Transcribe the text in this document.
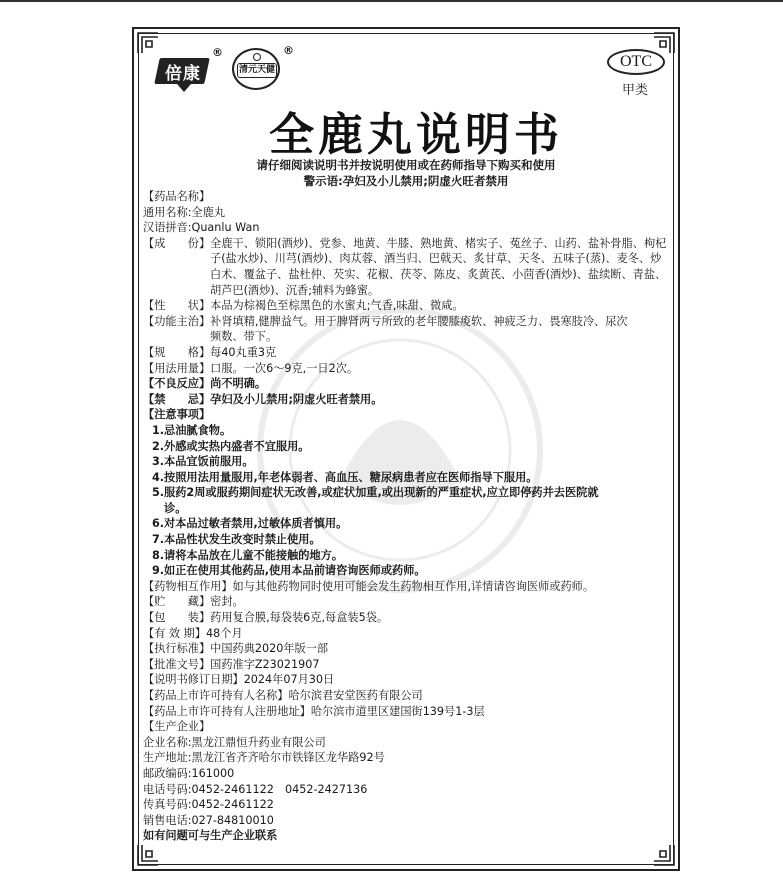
倍康
®
清元天健
®
OTC
甲类
全鹿丸说明书
请仔细阅读说明书并按说明使用或在药师指导下购买和使用
警示语:孕妇及小儿禁用;阴虚火旺者禁用
【药品名称】
通用名称:全鹿丸
汉语拼音:Quanlu Wan
【成　　份】全鹿干、锁阳(酒炒)、党参、地黄、牛膝、熟地黄、楮实子、菟丝子、山药、盐补骨脂、枸杞
子(盐水炒)、川芎(酒炒)、肉苁蓉、酒当归、巴戟天、炙甘草、天冬、五味子(蒸)、麦冬、炒
白术、覆盆子、盐杜仲、芡实、花椒、茯苓、陈皮、炙黄芪、小茴香(酒炒)、盐续断、青盐、
胡芦巴(酒炒)、沉香;辅料为蜂蜜。
【性　　状】本品为棕褐色至棕黑色的水蜜丸;气香,味甜、微咸。
【功能主治】补肾填精,健脾益气。用于脾肾两亏所致的老年腰膝痠软、神疲乏力、畏寒肢冷、尿次
频数、带下。
【规　　格】每40丸重3克
【用法用量】口服。一次6～9克,一日2次。
【不良反应】尚不明确。
【禁　　忌】孕妇及小儿禁用;阴虚火旺者禁用。
【注意事项】
1.忌油腻食物。
2.外感或实热内盛者不宜服用。
3.本品宜饭前服用。
4.按照用法用量服用,年老体弱者、高血压、糖尿病患者应在医师指导下服用。
5.服药2周或服药期间症状无改善,或症状加重,或出现新的严重症状,应立即停药并去医院就
诊。
6.对本品过敏者禁用,过敏体质者慎用。
7.本品性状发生改变时禁止使用。
8.请将本品放在儿童不能接触的地方。
9.如正在使用其他药品,使用本品前请咨询医师或药师。
【药物相互作用】如与其他药物同时使用可能会发生药物相互作用,详情请咨询医师或药师。
【贮　　藏】密封。
【包　　装】药用复合膜,每袋装6克,每盒装5袋。
【有 效 期】48个月
【执行标准】中国药典2020年版一部
【批准文号】国药准字Z23021907
【说明书修订日期】2024年07月30日
【药品上市许可持有人名称】哈尔滨君安堂医药有限公司
【药品上市许可持有人注册地址】哈尔滨市道里区建国街139号1-3层
【生产企业】
企业名称:黑龙江鼎恒升药业有限公司
生产地址:黑龙江省齐齐哈尔市铁锋区龙华路92号
邮政编码:161000
电话号码:0452-2461122　0452-2427136
传真号码:0452-2461122
销售电话:027-84810010
如有问题可与生产企业联系
